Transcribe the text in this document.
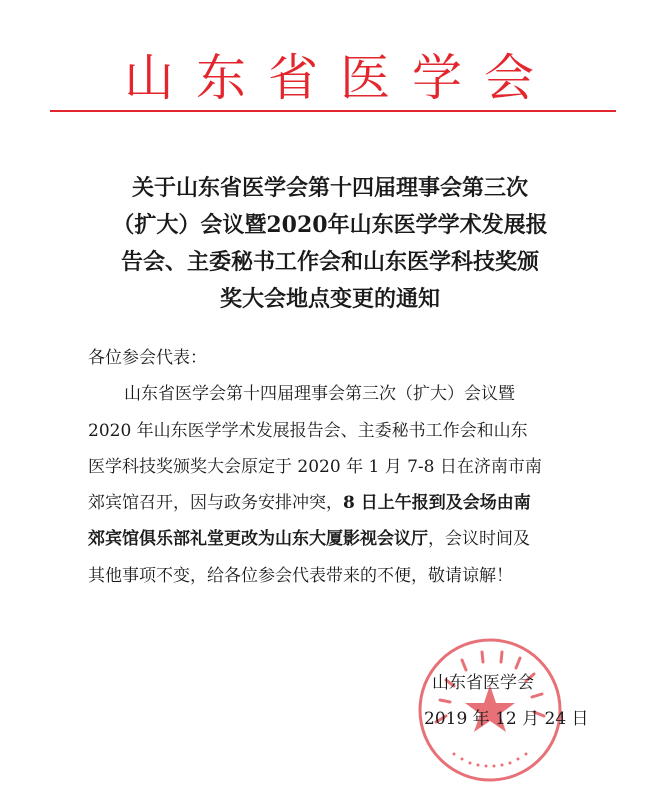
山东省医学会
关于山东省医学会第十四届理事会第三次
（扩大）会议暨2020年山东医学学术发展报
告会、主委秘书工作会和山东医学科技奖颁
奖大会地点变更的通知
各位参会代表：
山东省医学会第十四届理事会第三次（扩大）会议暨
2020 年山东医学学术发展报告会、主委秘书工作会和山东
医学科技奖颁奖大会原定于 2020 年 1 月 7-8 日在济南市南
郊宾馆召开，因与政务安排冲突，8 日上午报到及会场由南
郊宾馆俱乐部礼堂更改为山东大厦影视会议厅，会议时间及
其他事项不变，给各位参会代表带来的不便，敬请谅解！
山东省医学会
2019 年 12 月 24 日
